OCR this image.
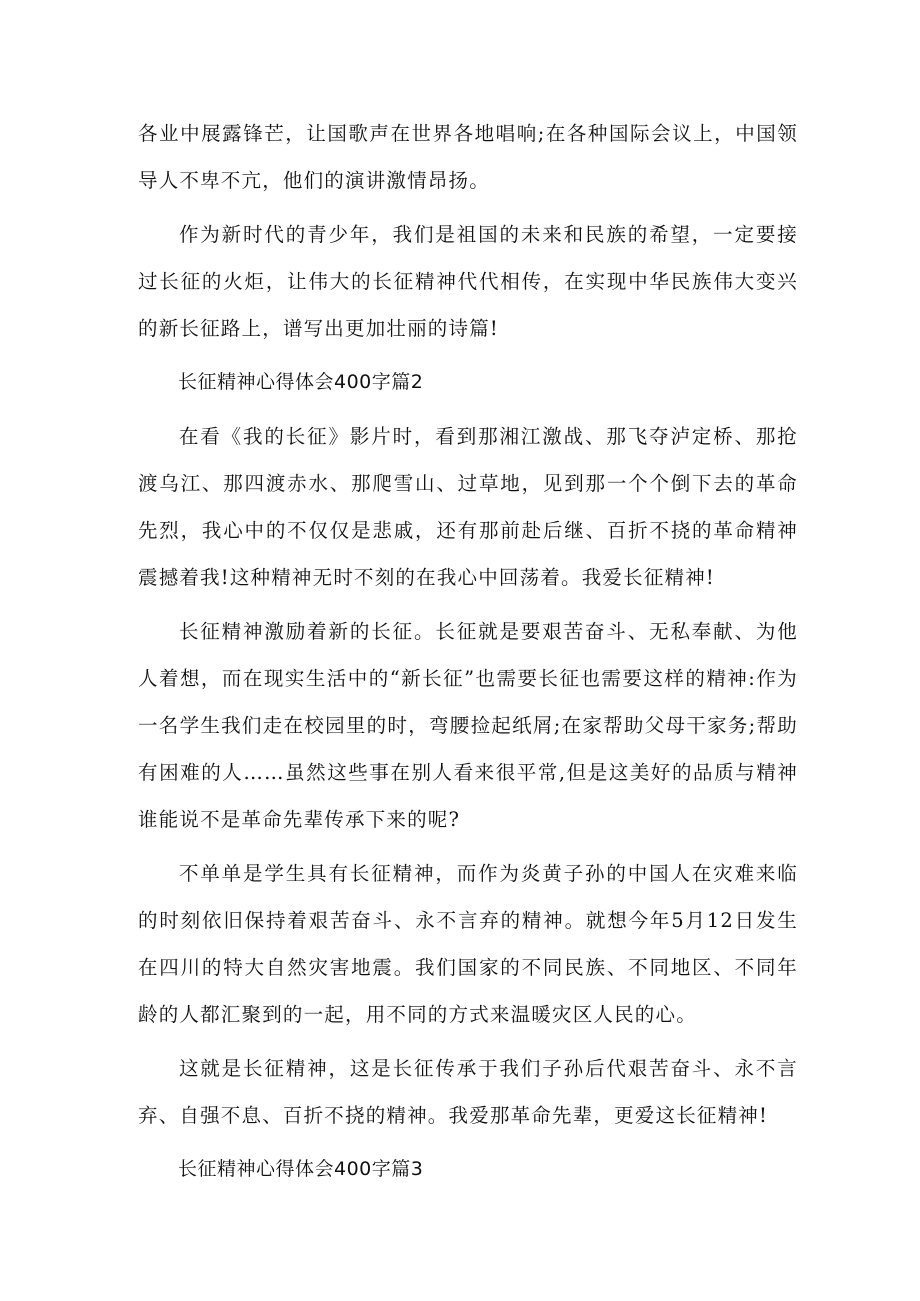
各业中展露锋芒，让国歌声在世界各地唱响;在各种国际会议上，中国领导人不卑不亢，他们的演讲激情昂扬。

作为新时代的青少年，我们是祖国的未来和民族的希望，一定要接过长征的火炬，让伟大的长征精神代代相传，在实现中华民族伟大变兴的新长征路上，谱写出更加壮丽的诗篇!

长征精神心得体会400字篇2

在看《我的长征》影片时，看到那湘江激战、那飞夺泸定桥、那抢渡乌江、那四渡赤水、那爬雪山、过草地，见到那一个个倒下去的革命先烈，我心中的不仅仅是悲戚，还有那前赴后继、百折不挠的革命精神震撼着我!这种精神无时不刻的在我心中回荡着。我爱长征精神!

长征精神激励着新的长征。长征就是要艰苦奋斗、无私奉献、为他人着想，而在现实生活中的“新长征”也需要长征也需要这样的精神:作为一名学生我们走在校园里的时，弯腰捡起纸屑;在家帮助父母干家务;帮助有困难的人……虽然这些事在别人看来很平常,但是这美好的品质与精神谁能说不是革命先辈传承下来的呢?

不单单是学生具有长征精神，而作为炎黄子孙的中国人在灾难来临的时刻依旧保持着艰苦奋斗、永不言弃的精神。就想今年5月12日发生在四川的特大自然灾害地震。我们国家的不同民族、不同地区、不同年龄的人都汇聚到的一起，用不同的方式来温暖灾区人民的心。

这就是长征精神，这是长征传承于我们子孙后代艰苦奋斗、永不言弃、自强不息、百折不挠的精神。我爱那革命先辈，更爱这长征精神!

长征精神心得体会400字篇3
